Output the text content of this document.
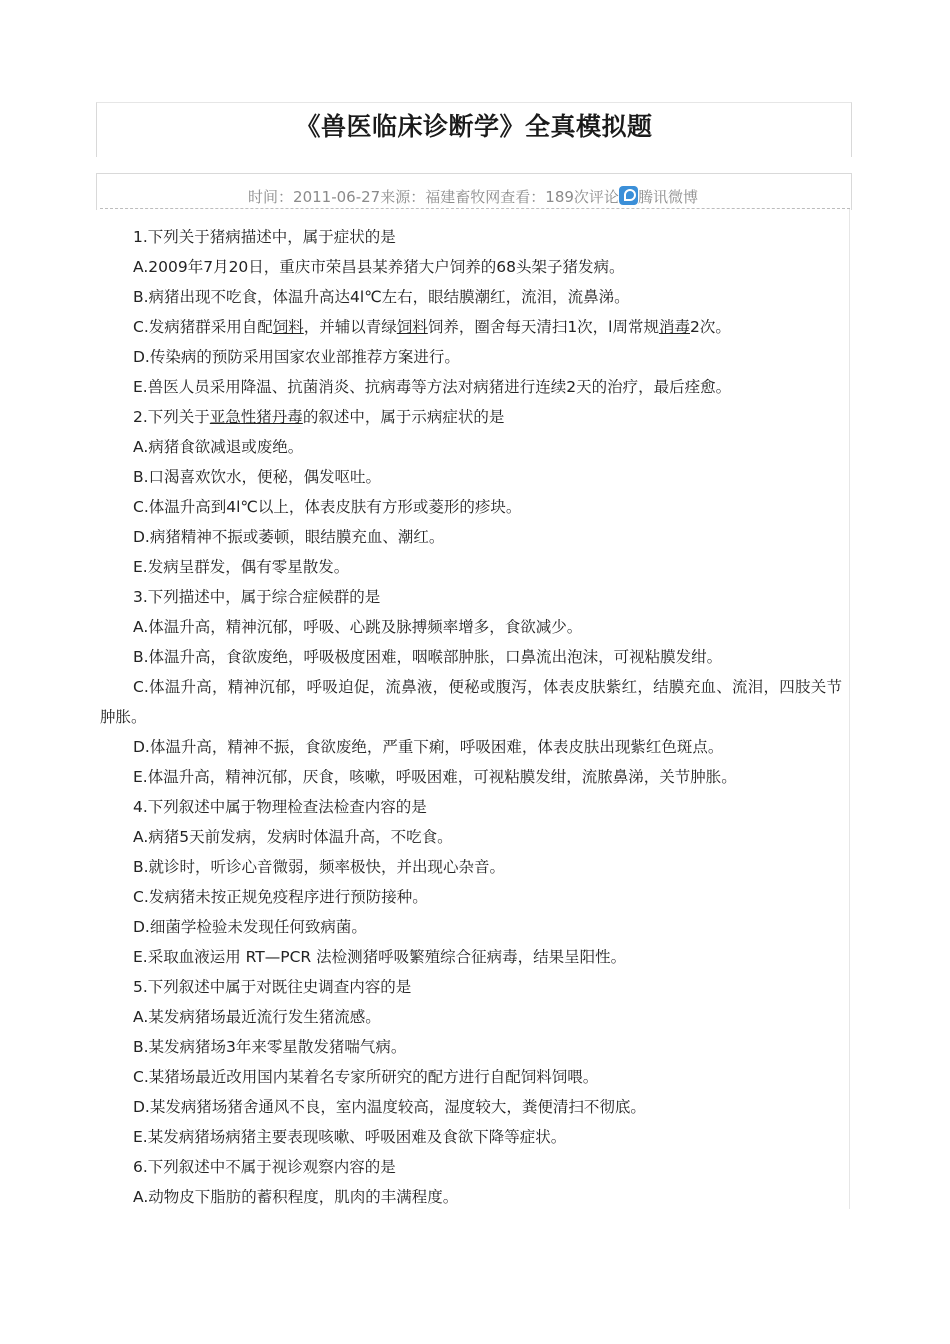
《兽医临床诊断学》全真模拟题
时间：2011-06-27来源：福建畜牧网查看：189次评论 腾讯微博

1.下列关于猪病描述中，属于症状的是

A.2009年7月20日，重庆市荣昌县某养猪大户饲养的68头架子猪发病。

B.病猪出现不吃食，体温升高达4l℃左右，眼结膜潮红，流泪，流鼻涕。

C.发病猪群采用自配饲料，并辅以青绿饲料饲养，圈舍每天清扫1次，l周常规消毒2次。

D.传染病的预防采用国家农业部推荐方案进行。

E.兽医人员采用降温、抗菌消炎、抗病毒等方法对病猪进行连续2天的治疗，最后痊愈。

2.下列关于亚急性猪丹毒的叙述中，属于示病症状的是

A.病猪食欲减退或废绝。

B.口渴喜欢饮水，便秘，偶发呕吐。

C.体温升高到4l℃以上，体表皮肤有方形或菱形的疹块。

D.病猪精神不振或萎顿，眼结膜充血、潮红。

E.发病呈群发，偶有零星散发。

3.下列描述中，属于综合症候群的是

A.体温升高，精神沉郁，呼吸、心跳及脉搏频率增多，食欲减少。

B.体温升高，食欲废绝，呼吸极度困难，咽喉部肿胀，口鼻流出泡沫，可视粘膜发绀。

C.体温升高，精神沉郁，呼吸迫促，流鼻液，便秘或腹泻，体表皮肤紫红，结膜充血、流泪，四肢关节肿胀。

D.体温升高，精神不振，食欲废绝，严重下痢，呼吸困难，体表皮肤出现紫红色斑点。

E.体温升高，精神沉郁，厌食，咳嗽，呼吸困难，可视粘膜发绀，流脓鼻涕，关节肿胀。

4.下列叙述中属于物理检查法检查内容的是

A.病猪5天前发病，发病时体温升高，不吃食。

B.就诊时，听诊心音微弱，频率极快，并出现心杂音。

C.发病猪未按正规免疫程序进行预防接种。

D.细菌学检验未发现任何致病菌。

E.采取血液运用 RT—PCR 法检测猪呼吸繁殖综合征病毒，结果呈阳性。

5.下列叙述中属于对既往史调查内容的是

A.某发病猪场最近流行发生猪流感。

B.某发病猪场3年来零星散发猪喘气病。

C.某猪场最近改用国内某着名专家所研究的配方进行自配饲料饲喂。

D.某发病猪场猪舍通风不良，室内温度较高，湿度较大，粪便清扫不彻底。

E.某发病猪场病猪主要表现咳嗽、呼吸困难及食欲下降等症状。

6.下列叙述中不属于视诊观察内容的是

A.动物皮下脂肪的蓄积程度，肌肉的丰满程度。
